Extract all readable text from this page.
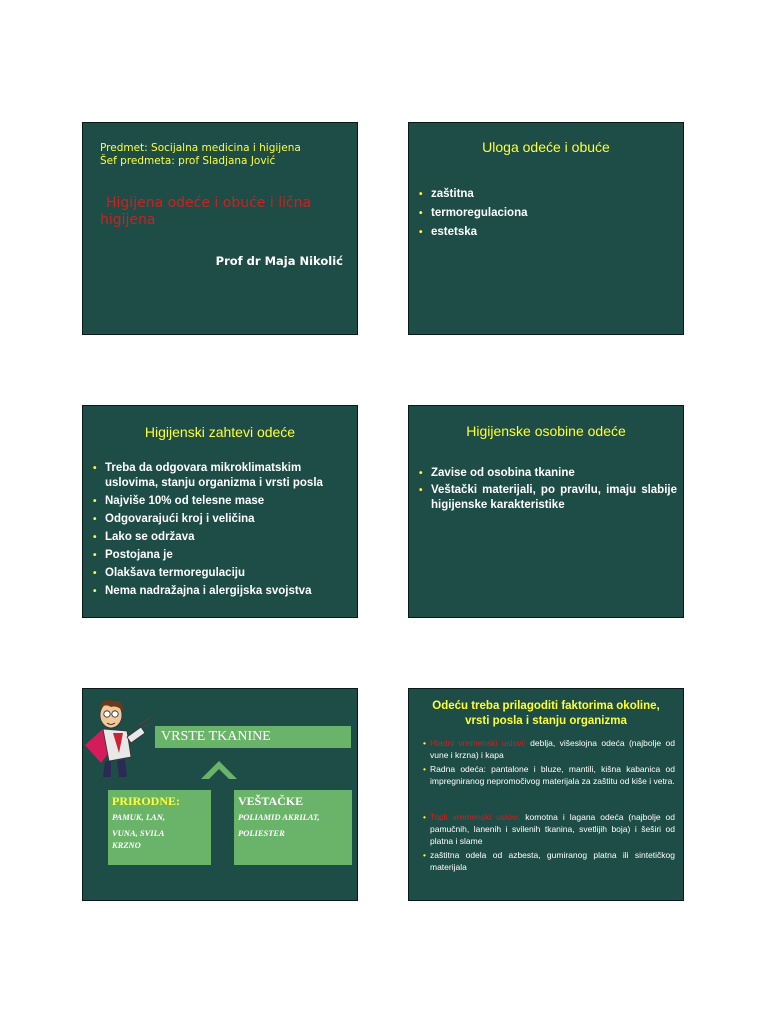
Predmet: Socijalna medicina i higijena
Šef predmeta: prof Sladjana Jović
Higijena odeće i obuće i lična
higijena
Prof dr Maja Nikolić
Uloga odeće i obuće
• zaštitna
• termoregulaciona
• estetska
Higijenski zahtevi odeće
• Treba da odgovara mikroklimatskim
uslovima, stanju organizma i vrsti posla
• Najviše 10% od telesne mase
• Odgovarajući kroj i veličina
• Lako se održava
• Postojana je
• Olakšava termoregulaciju
• Nema nadražajna i alergijska svojstva
Higijenske osobine odeće
• Zavise od osobina tkanine
• Veštački materijali, po pravilu, imaju slabije higijenske karakteristike
VRSTE TKANINE
PRIRODNE:
PAMUK, LAN,
VUNA, SVILA
KRZNO
VEŠTAČKE
POLIAMID AKRILAT,
POLIESTER
Odeću treba prilagoditi faktorima okoline,
vrsti posla i stanju organizma
• Hladni vremenski uslovi: deblja, višeslojna odeća (najbolje od vune i krzna) i kapa
• Radna odeća: pantalone i bluze, mantili, kišna kabanica od impregniranog nepromočivog materijala za zaštitu od kiše i vetra.
• Topli vremenski uslovi: komotna i lagana odeća (najbolje od pamučnih, lanenih i svilenih tkanina, svetlijih boja) i šeširi od platna i slame
• zaštitna odela od azbesta, gumiranog platna ili sintetičkog materijala
